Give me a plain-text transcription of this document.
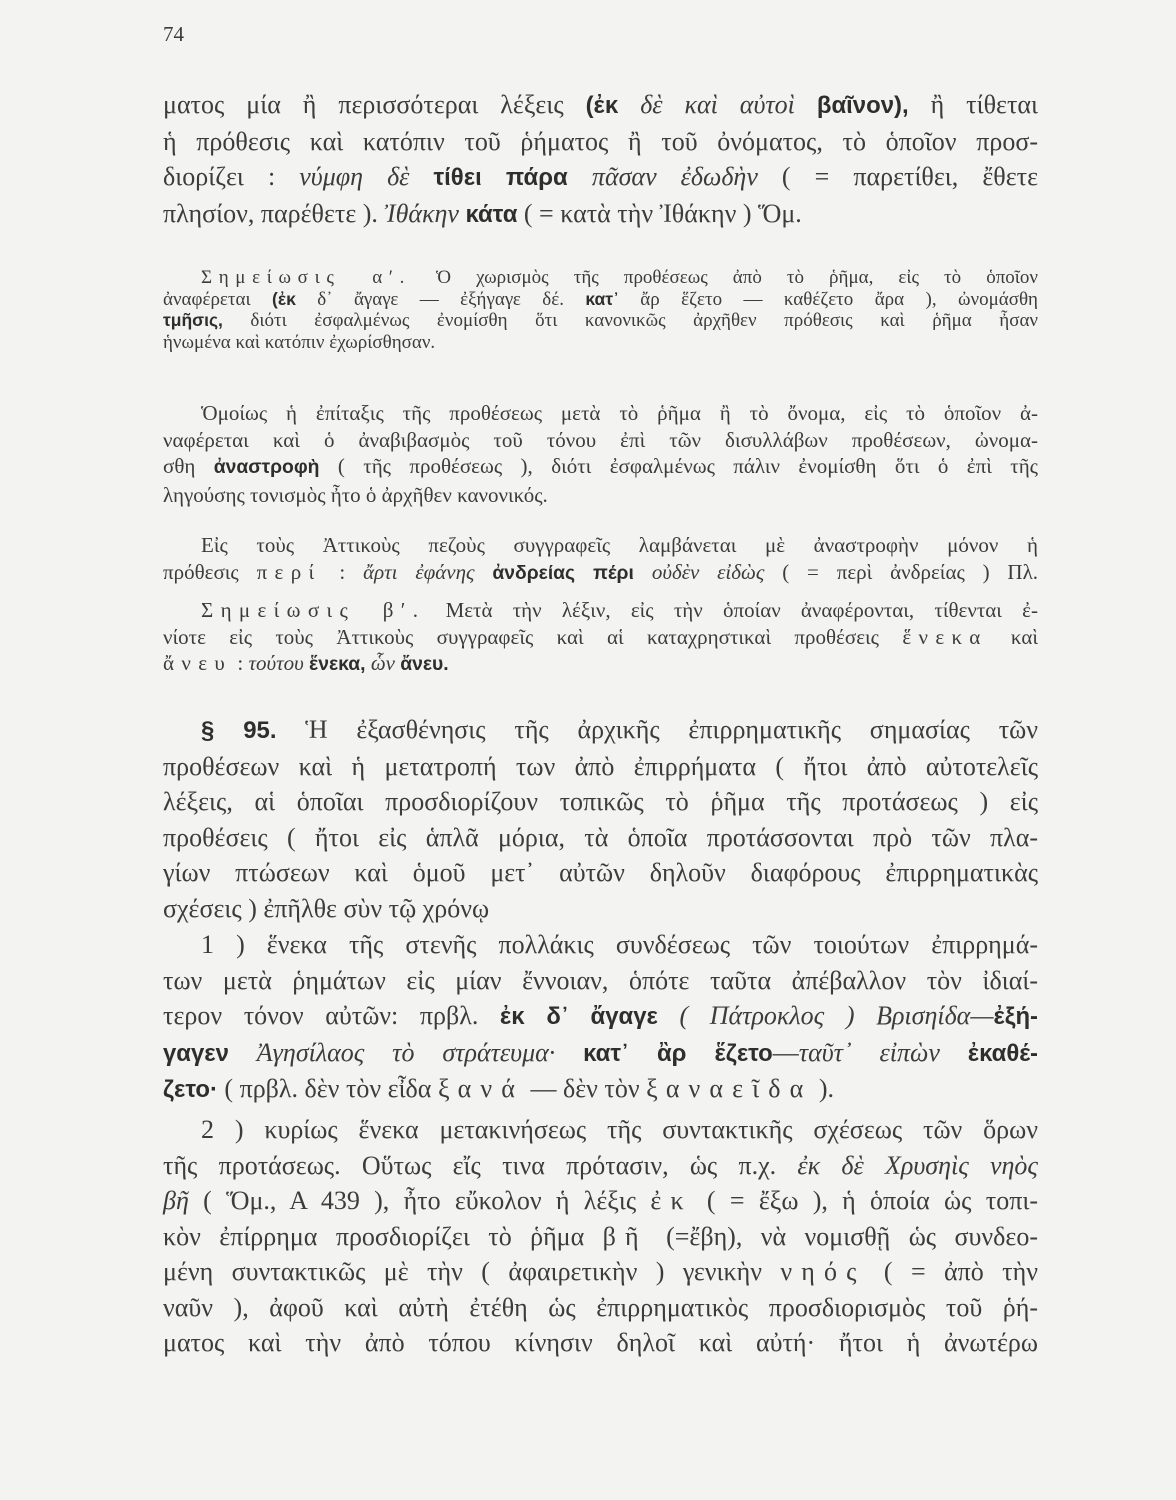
74
ματος μία ἢ περισσότεραι λέξεις (ἐκ δὲ καὶ αὐτοὶ βαῖνον), ἢ τίθεται
ἡ πρόθεσις καὶ κατόπιν τοῦ ῥήματος ἢ τοῦ ὀνόματος, τὸ ὁποῖον προσ-
διορίζει : νύμφη δὲ τίθει πάρα πᾶσαν ἐδωδὴν ( = παρετίθει, ἔθετε
πλησίον, παρέθετε ). Ἰθάκην κάτα ( = κατὰ τὴν Ἰθάκην ) Ὅμ.
Σημείωσις α′. Ὁ χωρισμὸς τῆς προθέσεως ἀπὸ τὸ ῥῆμα, εἰς τὸ ὁποῖον
ἀναφέρεται (ἐκ δ᾽ ἄγαγε — ἐξήγαγε δέ. κατ᾽ ἄρ ἕζετο — καθέζετο ἄρα ), ὠνομάσθη
τμῆσις, διότι ἐσφαλμένως ἐνομίσθη ὅτι κανονικῶς ἀρχῆθεν πρόθεσις καὶ ῥῆμα ἦσαν
ἡνωμένα καὶ κατόπιν ἐχωρίσθησαν.
Ὁμοίως ἡ ἐπίταξις τῆς προθέσεως μετὰ τὸ ῥῆμα ἢ τὸ ὄνομα, εἰς τὸ ὁποῖον ἀ-
ναφέρεται καὶ ὁ ἀναβιβασμὸς τοῦ τόνου ἐπὶ τῶν δισυλλάβων προθέσεων, ὠνομα-
σθη ἀναστροφὴ ( τῆς προθέσεως ), διότι ἐσφαλμένως πάλιν ἐνομίσθη ὅτι ὁ ἐπὶ τῆς
ληγούσης τονισμὸς ἦτο ὁ ἀρχῆθεν κανονικός.
Εἰς τοὺς Ἀττικοὺς πεζοὺς συγγραφεῖς λαμβάνεται μὲ ἀναστροφὴν μόνον ἡ
πρόθεσις περί : ἄρτι ἐφάνης ἀνδρείας πέρι οὐδὲν εἰδὼς ( = περὶ ἀνδρείας ) Πλ.
Σημείωσις β′. Μετὰ τὴν λέξιν, εἰς τὴν ὁποίαν ἀναφέρονται, τίθενται ἐ-
νίοτε εἰς τοὺς Ἀττικοὺς συγγραφεῖς καὶ αἱ καταχρηστικαὶ προθέσεις ἕνεκα καὶ
ἄνευ : τούτου ἕνεκα, ὧν ἄνευ.
§ 95. Ἡ ἐξασθένησις τῆς ἀρχικῆς ἐπιρρηματικῆς σημασίας τῶν
προθέσεων καὶ ἡ μετατροπή των ἀπὸ ἐπιρρήματα ( ἤτοι ἀπὸ αὐτοτελεῖς
λέξεις, αἱ ὁποῖαι προσδιορίζουν τοπικῶς τὸ ῥῆμα τῆς προτάσεως ) εἰς
προθέσεις ( ἤτοι εἰς ἁπλᾶ μόρια, τὰ ὁποῖα προτάσσονται πρὸ τῶν πλα-
γίων πτώσεων καὶ ὁμοῦ μετ᾽ αὐτῶν δηλοῦν διαφόρους ἐπιρρηματικὰς
σχέσεις ) ἐπῆλθε σὺν τῷ χρόνῳ
1 ) ἕνεκα τῆς στενῆς πολλάκις συνδέσεως τῶν τοιούτων ἐπιρρημά-
των μετὰ ῥημάτων εἰς μίαν ἔννοιαν, ὁπότε ταῦτα ἀπέβαλλον τὸν ἰδιαί-
τερον τόνον αὐτῶν: πρβλ. ἐκ δ᾽ ἄγαγε ( Πάτροκλος ) Βρισηίδα—ἐξή-
γαγεν Ἀγησίλαος τὸ στράτευμα· κατ᾽ ἂρ ἕζετο—ταῦτ᾽ εἰπὼν ἐκαθέ-
ζετο· ( πρβλ. δὲν τὸν εἶδα ξανά — δὲν τὸν ξαναεῖδα ).
2 ) κυρίως ἕνεκα μετακινήσεως τῆς συντακτικῆς σχέσεως τῶν ὅρων
τῆς προτάσεως. Οὕτως εἴς τινα πρότασιν, ὡς π.χ. ἐκ δὲ Χρυσηὶς νηὸς
βῆ ( Ὅμ., Α 439 ), ἦτο εὔκολον ἡ λέξις ἐκ ( = ἔξω ), ἡ ὁποία ὡς τοπι-
κὸν ἐπίρρημα προσδιορίζει τὸ ῥῆμα βῆ (=ἔβη), νὰ νομισθῇ ὡς συνδεο-
μένη συντακτικῶς μὲ τὴν ( ἀφαιρετικὴν ) γενικὴν νηός ( = ἀπὸ τὴν
ναῦν ), ἀφοῦ καὶ αὐτὴ ἐτέθη ὡς ἐπιρρηματικὸς προσδιορισμὸς τοῦ ῥή-
ματος καὶ τὴν ἀπὸ τόπου κίνησιν δηλοῖ καὶ αὐτή· ἤτοι ἡ ἀνωτέρω
